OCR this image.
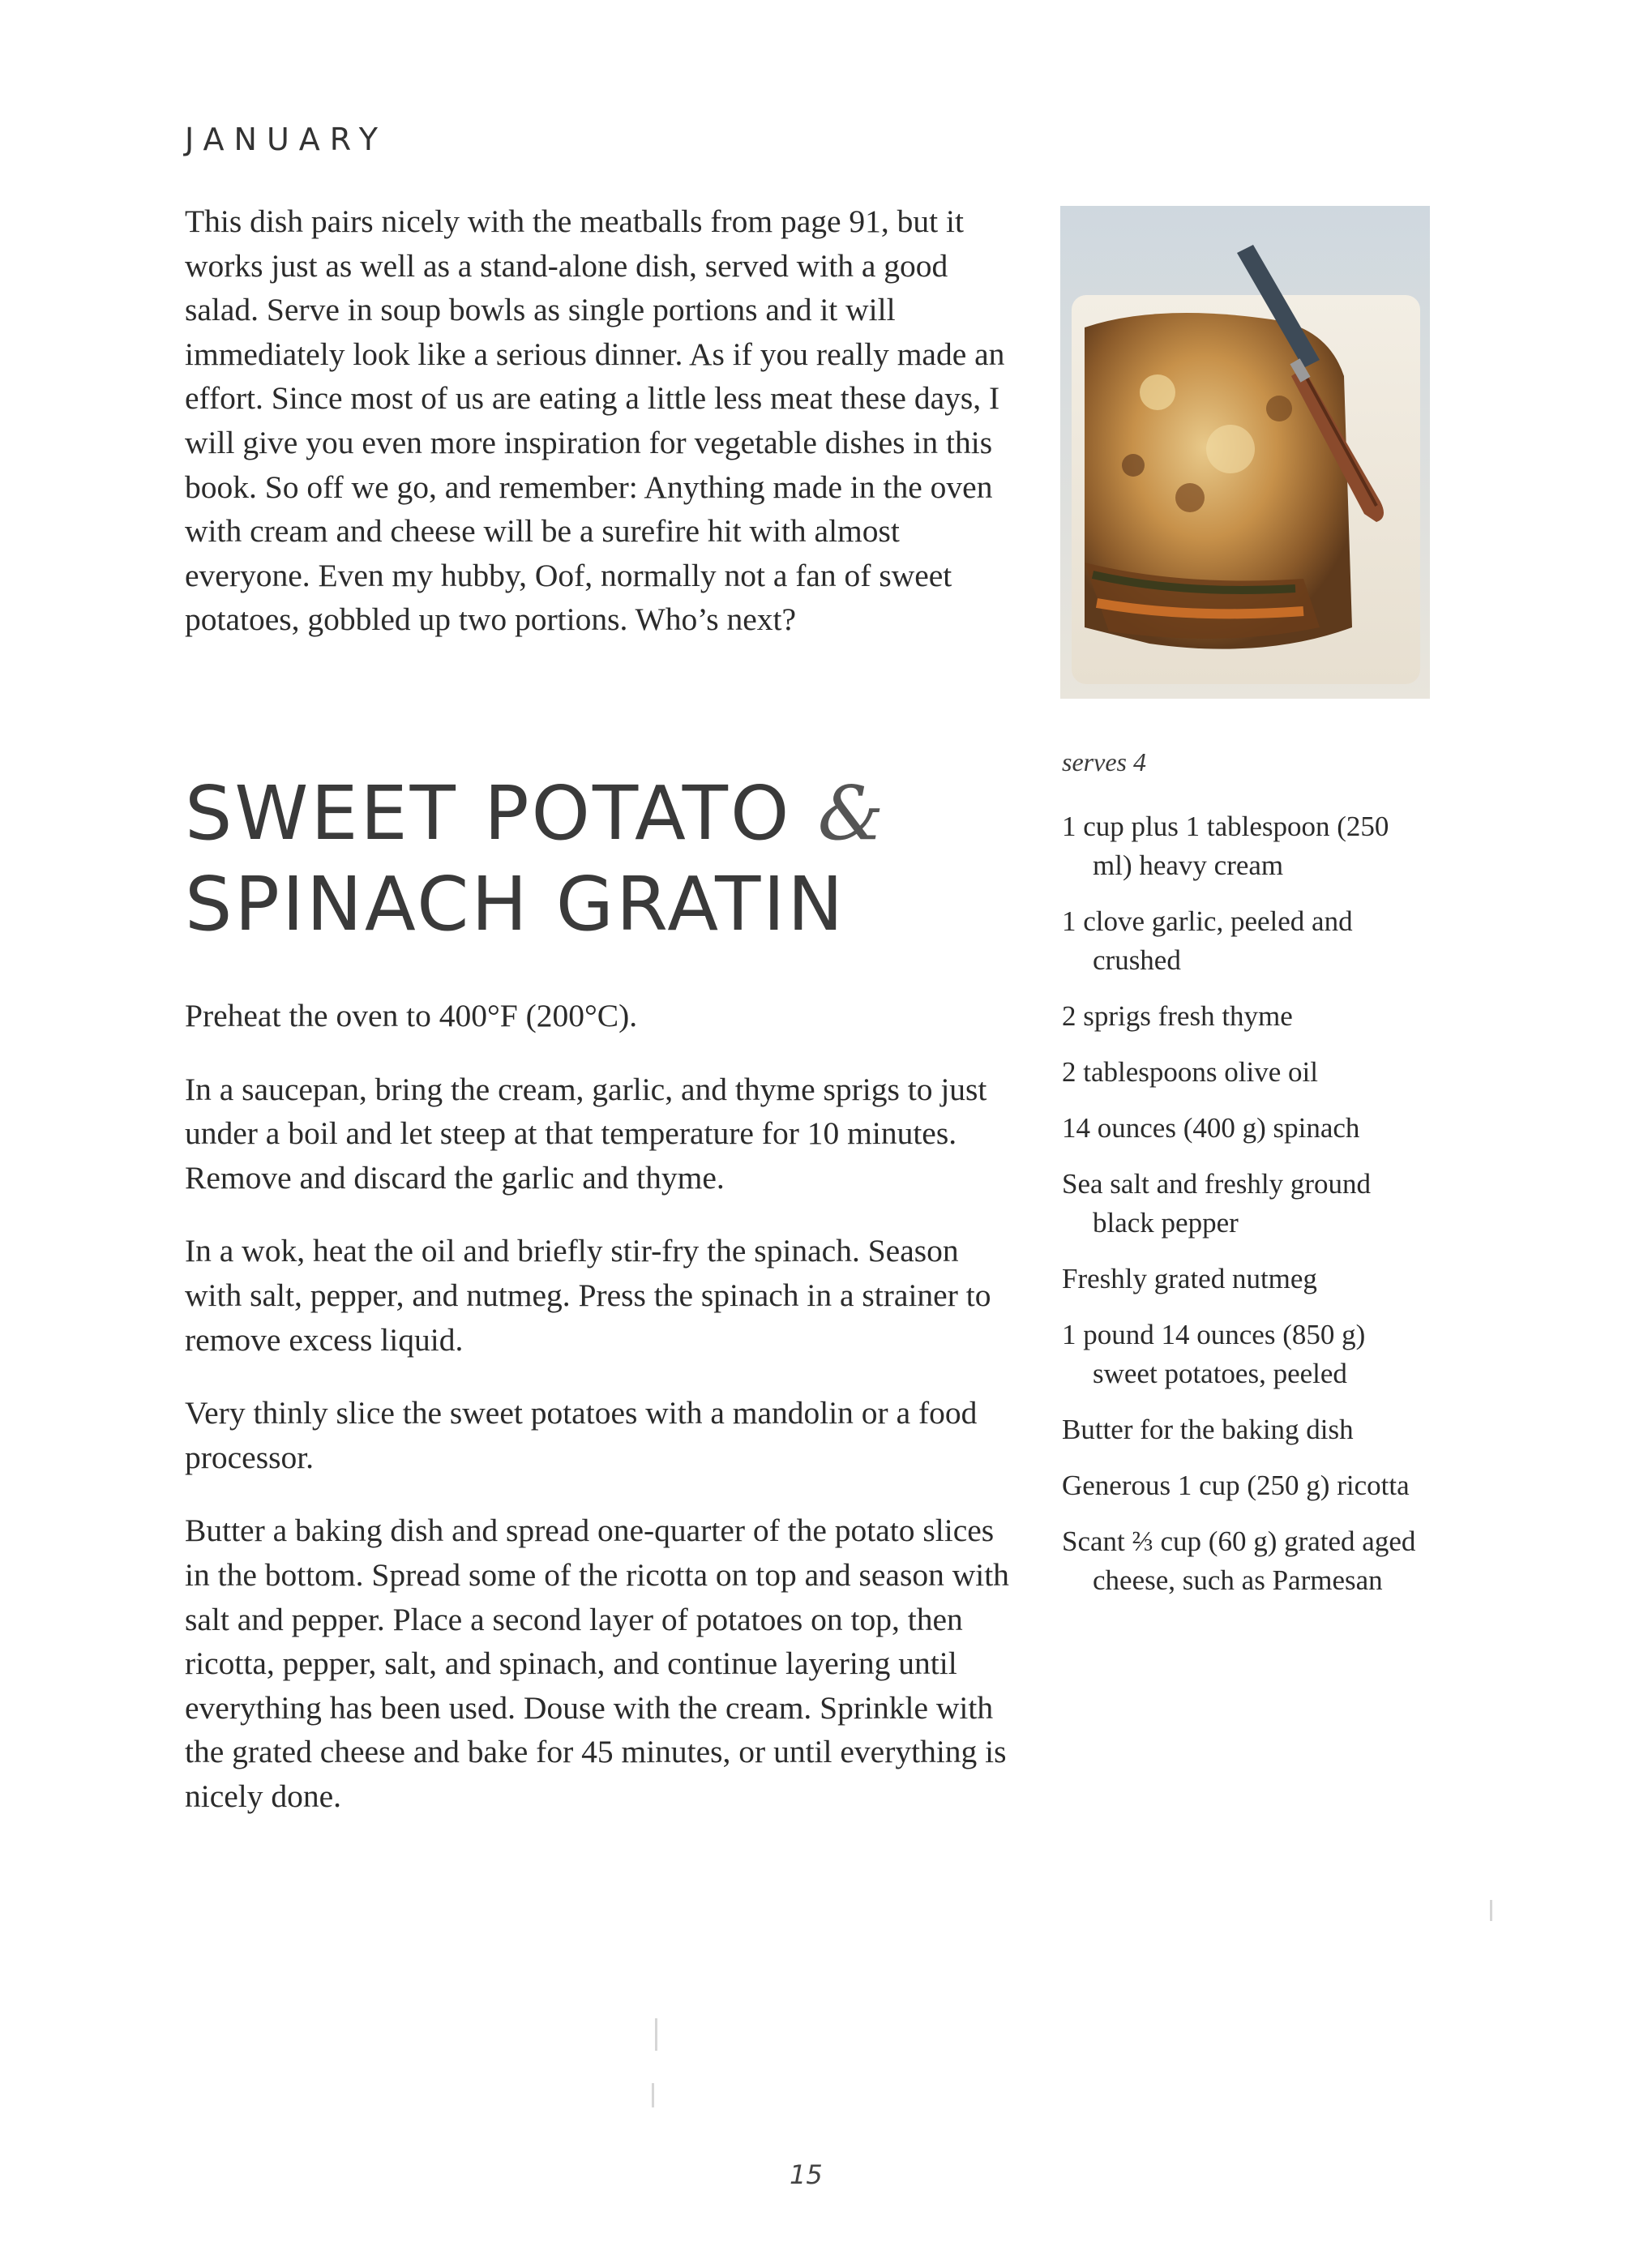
JANUARY

This dish pairs nicely with the meatballs from page 91, but it works just as well as a stand-alone dish, served with a good salad. Serve in soup bowls as single portions and it will immediately look like a serious dinner. As if you really made an effort. Since most of us are eating a little less meat these days, I will give you even more inspiration for vegetable dishes in this book. So off we go, and remember: Anything made in the oven with cream and cheese will be a surefire hit with almost everyone. Even my hubby, Oof, normally not a fan of sweet potatoes, gobbled up two portions. Who’s next?

SWEET POTATO &
SPINACH GRATIN

Preheat the oven to 400°F (200°C).

In a saucepan, bring the cream, garlic, and thyme sprigs to just under a boil and let steep at that temperature for 10 minutes. Remove and discard the garlic and thyme.

In a wok, heat the oil and briefly stir-fry the spinach. Season with salt, pepper, and nutmeg. Press the spinach in a strainer to remove excess liquid.

Very thinly slice the sweet potatoes with a mandolin or a food processor.

Butter a baking dish and spread one-quarter of the potato slices in the bottom. Spread some of the ricotta on top and season with salt and pepper. Place a second layer of potatoes on top, then ricotta, pepper, salt, and spinach, and continue layering until everything has been used. Douse with the cream. Sprinkle with the grated cheese and bake for 45 minutes, or until everything is nicely done.

serves 4
1 cup plus 1 tablespoon (250 ml) heavy cream
1 clove garlic, peeled and crushed
2 sprigs fresh thyme
2 tablespoons olive oil
14 ounces (400 g) spinach
Sea salt and freshly ground black pepper
Freshly grated nutmeg
1 pound 14 ounces (850 g) sweet potatoes, peeled
Butter for the baking dish
Generous 1 cup (250 g) ricotta
Scant ⅔ cup (60 g) grated aged cheese, such as Parmesan
15
